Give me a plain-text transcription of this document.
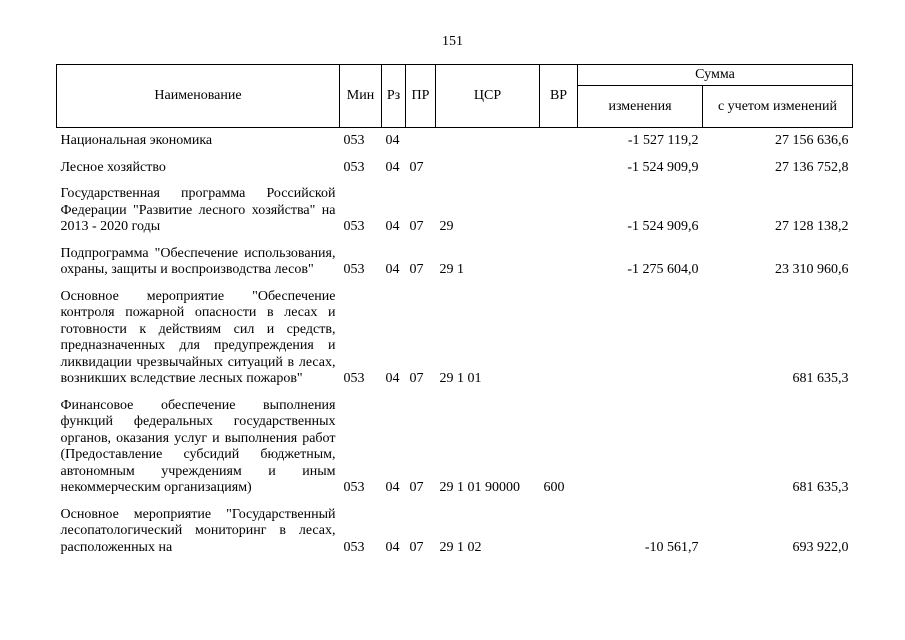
151
Наименование	Мин	Рз	ПР	ЦСР	ВР	Сумма	
						изменения	с учетом изменений
Национальная экономика	053	04				-1 527 119,2	27 156 636,6
Лесное хозяйство	053	04	07			-1 524 909,9	27 136 752,8
Государственная программа Российской Федерации "Развитие лесного хозяйства" на 2013 - 2020 годы	053	04	07	29		-1 524 909,6	27 128 138,2
Подпрограмма "Обеспечение использования, охраны, защиты и воспроизводства лесов"	053	04	07	29 1		-1 275 604,0	23 310 960,6
Основное мероприятие "Обеспечение контроля пожарной опасности в лесах и готовности к действиям сил и средств, предназначенных для предупреждения и ликвидации чрезвычайных ситуаций в лесах, возникших вследствие лесных пожаров"	053	04	07	29 1 01			681 635,3
Финансовое обеспечение выполнения функций федеральных государственных органов, оказания услуг и выполнения работ (Предоставление субсидий бюджетным, автономным учреждениям и иным некоммерческим организациям)	053	04	07	29 1 01 90000	600		681 635,3
Основное мероприятие "Государственный лесопатологический мониторинг в лесах, расположенных на	053	04	07	29 1 02		-10 561,7	693 922,0
